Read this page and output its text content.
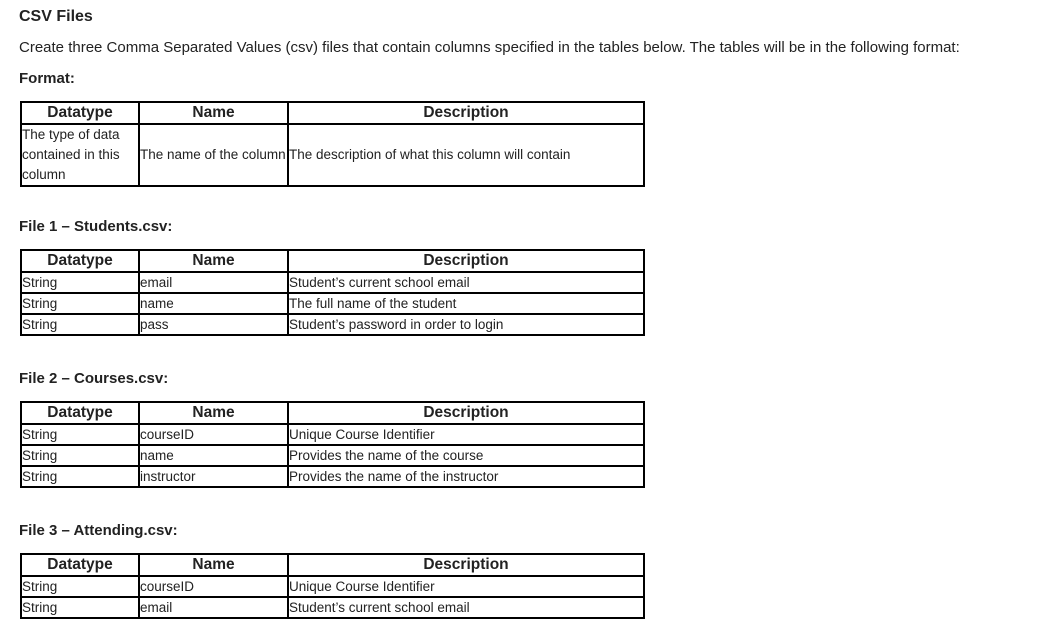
CSV Files
Create three Comma Separated Values (csv) files that contain columns specified in the tables below. The tables will be in the following format:
Format:
Datatype	Name	Description
The type of data contained in this column	The name of the column	The description of what this column will contain
File 1 – Students.csv:
Datatype	Name	Description
String	email	Student’s current school email
String	name	The full name of the student
String	pass	Student’s password in order to login
File 2 – Courses.csv:
Datatype	Name	Description
String	courseID	Unique Course Identifier
String	name	Provides the name of the course
String	instructor	Provides the name of the instructor
File 3 – Attending.csv:
Datatype	Name	Description
String	courseID	Unique Course Identifier
String	email	Student’s current school email
